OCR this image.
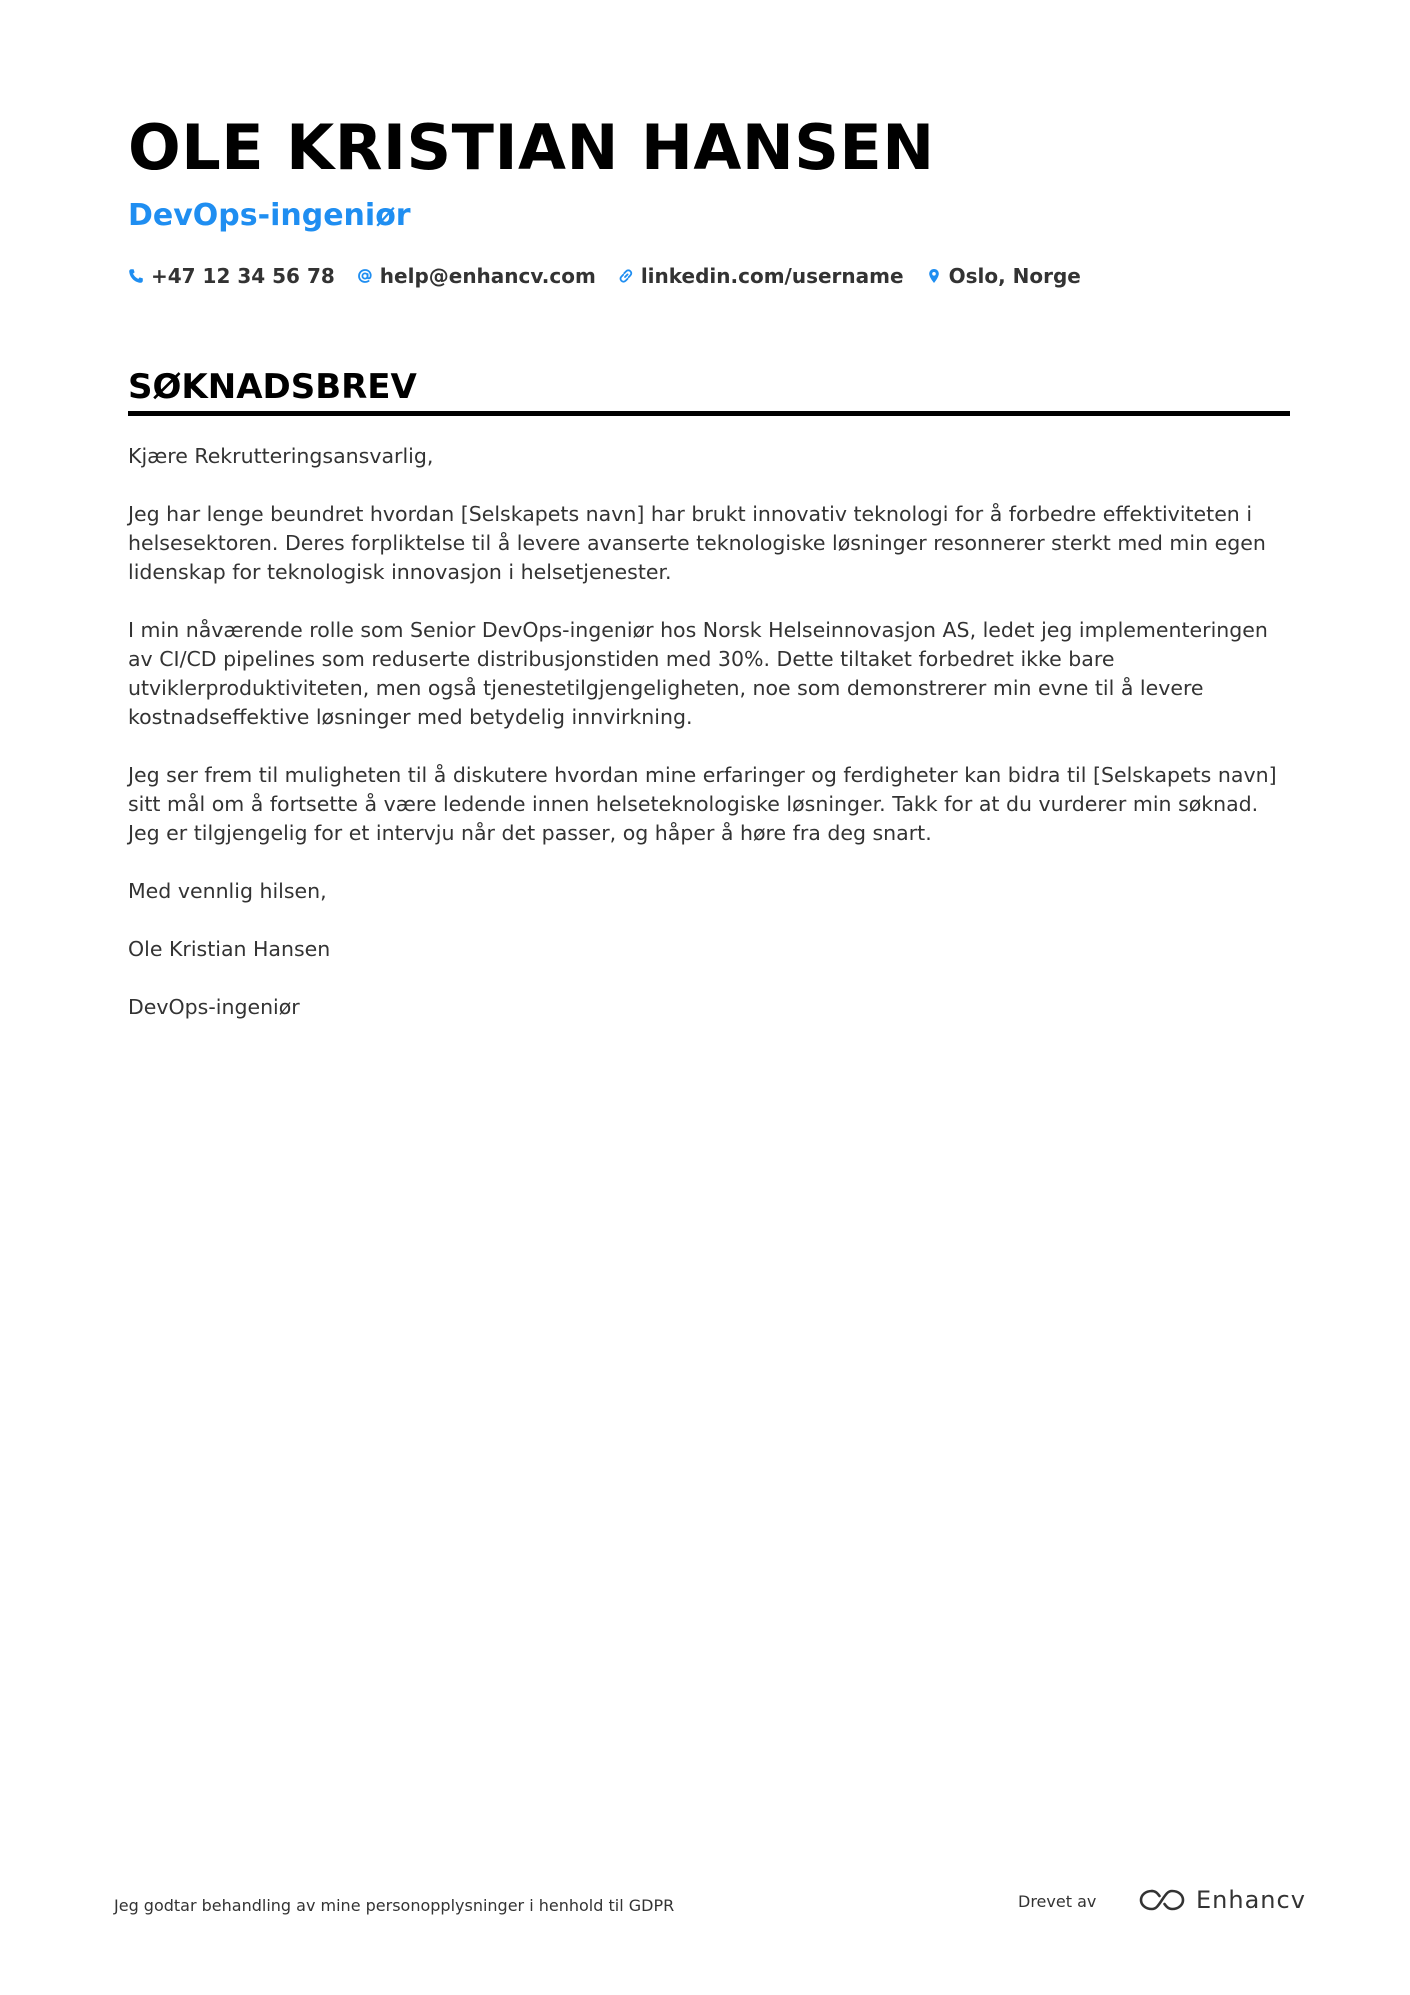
OLE KRISTIAN HANSEN
DevOps-ingeniør
+47 12 34 56 78 help@enhancv.com linkedin.com/username Oslo, Norge
SØKNADSBREV

Kjære Rekrutteringsansvarlig,

Jeg har lenge beundret hvordan [Selskapets navn] har brukt innovativ teknologi for å forbedre effektiviteten i helsesektoren. Deres forpliktelse til å levere avanserte teknologiske løsninger resonnerer sterkt med min egen lidenskap for teknologisk innovasjon i helsetjenester.

I min nåværende rolle som Senior DevOps-ingeniør hos Norsk Helseinnovasjon AS, ledet jeg implementeringen av CI/CD pipelines som reduserte distribusjonstiden med 30%. Dette tiltaket forbedret ikke bare utviklerproduktiviteten, men også tjenestetilgjengeligheten, noe som demonstrerer min evne til å levere kostnadseffektive løsninger med betydelig innvirkning.

Jeg ser frem til muligheten til å diskutere hvordan mine erfaringer og ferdigheter kan bidra til [Selskapets navn] sitt mål om å fortsette å være ledende innen helseteknologiske løsninger. Takk for at du vurderer min søknad. Jeg er tilgjengelig for et intervju når det passer, og håper å høre fra deg snart.

Med vennlig hilsen,

Ole Kristian Hansen

DevOps-ingeniør

Jeg godtar behandling av mine personopplysninger i henhold til GDPR	Drevet av	Enhancv
